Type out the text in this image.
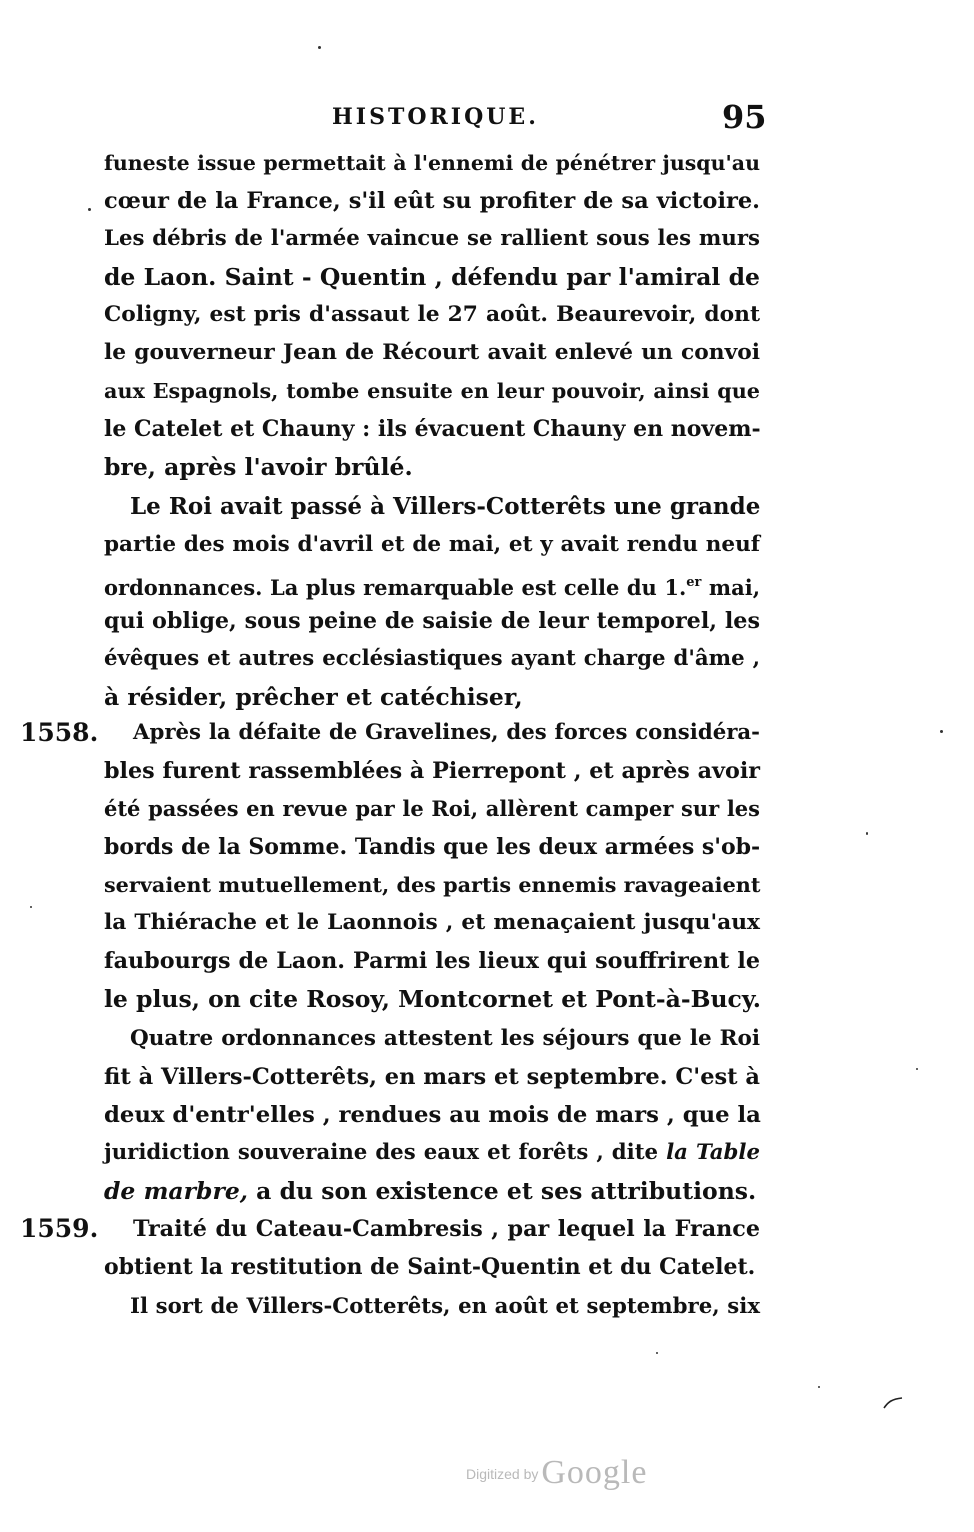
HISTORIQUE.	95
funeste issue permettait à l'ennemi de pénétrer jusqu'au
cœur de la France, s'il eût su profiter de sa victoire.
Les débris de l'armée vaincue se rallient sous les murs
de Laon. Saint - Quentin , défendu par l'amiral de
Coligny, est pris d'assaut le 27 août. Beaurevoir, dont
le gouverneur Jean de Récourt avait enlevé un convoi
aux Espagnols, tombe ensuite en leur pouvoir, ainsi que
le Catelet et Chauny : ils évacuent Chauny en novem-
bre, après l'avoir brûlé.
Le Roi avait passé à Villers-Cotterêts une grande
partie des mois d'avril et de mai, et y avait rendu neuf
ordonnances. La plus remarquable est celle du 1.$^{er}$ mai,
qui oblige, sous peine de saisie de leur temporel, les
évêques et autres ecclésiastiques ayant charge d'âme ,
à résider, prêcher et catéchiser,
1558. Après la défaite de Gravelines, des forces considéra-
bles furent rassemblées à Pierrepont , et après avoir
été passées en revue par le Roi, allèrent camper sur les
bords de la Somme. Tandis que les deux armées s'ob-
servaient mutuellement, des partis ennemis ravageaient
la Thiérache et le Laonnois , et menaçaient jusqu'aux
faubourgs de Laon. Parmi les lieux qui souffrirent le
le plus, on cite Rosoy, Montcornet et Pont-à-Bucy.
Quatre ordonnances attestent les séjours que le Roi
fit à Villers-Cotterêts, en mars et septembre. C'est à
deux d'entr'elles , rendues au mois de mars , que la
juridiction souveraine des eaux et forêts , dite la Table
de marbre, a du son existence et ses attributions.
1559. Traité du Cateau-Cambresis , par lequel la France
obtient la restitution de Saint-Quentin et du Catelet.
Il sort de Villers-Cotterêts, en août et septembre, six
Digitized byGoogle
